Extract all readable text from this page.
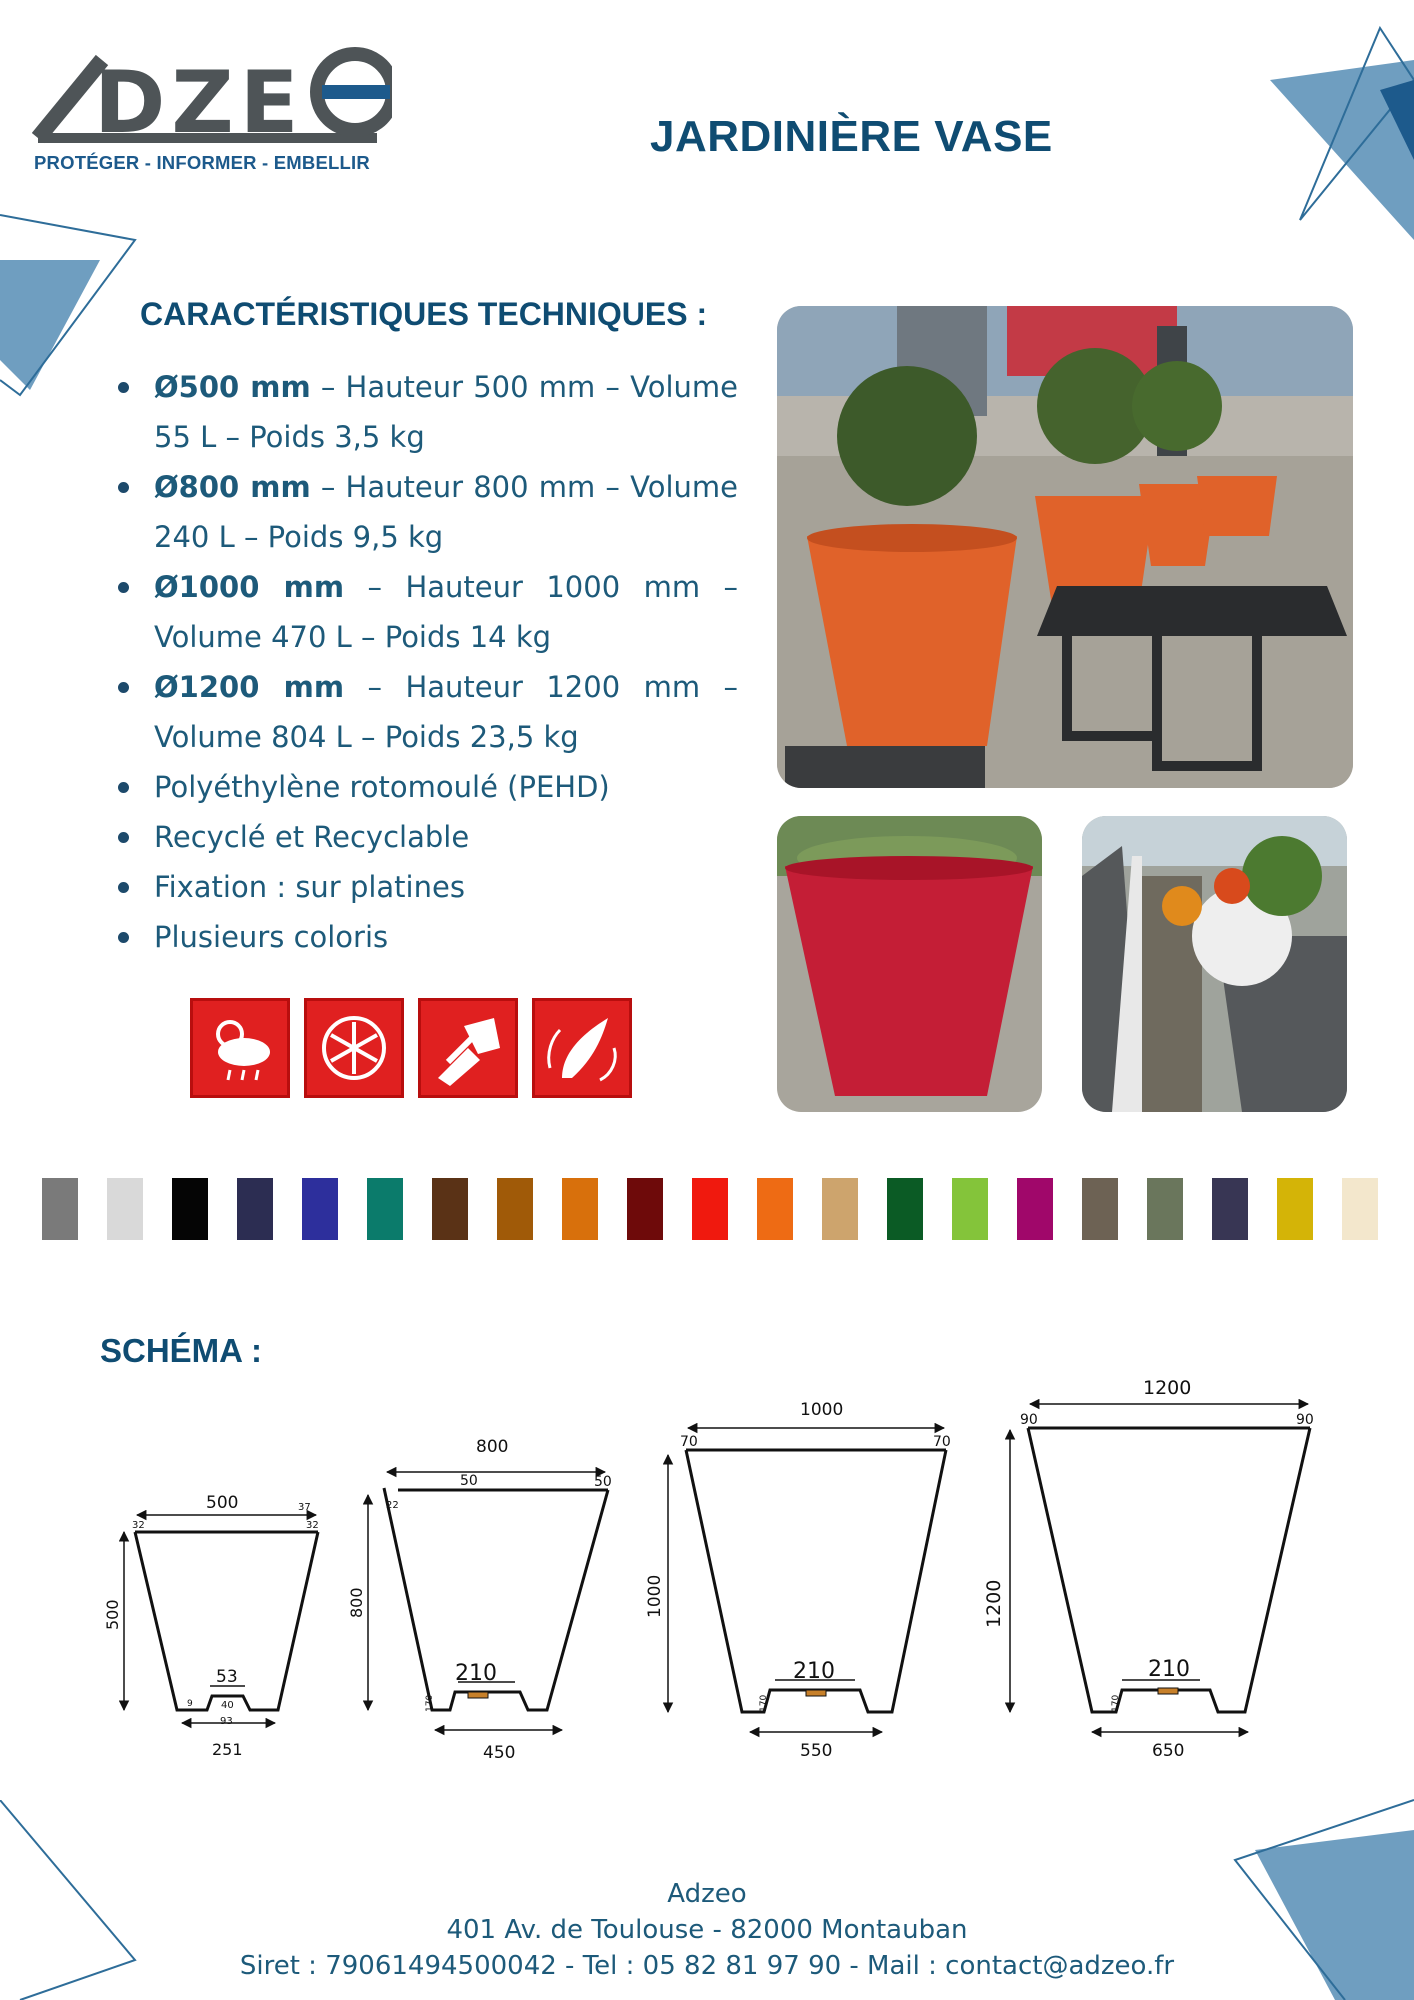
PROTÉGER - INFORMER - EMBELLIR
DZE	JARDINIÈRE VASE
CARACTÉRISTIQUES TECHNIQUES :
Ø500 mm – Hauteur 500 mm – Volume 55 L – Poids 3,5 kg
Ø800 mm – Hauteur 800 mm – Volume 240 L – Poids 9,5 kg
Ø1000 mm – Hauteur 1000 mm – Volume 470 L – Poids 14 kg
Ø1200 mm – Hauteur 1200 mm – Volume 804 L – Poids 23,5 kg
Polyéthylène rotomoulé (PEHD)
Recyclé et Recyclable
Fixation : sur platines
Plusieurs coloris
SCHÉMA :
500
32	32
37
500
53
40
9
93
251
800
50	50
22
800
210
170
450
1000
70	70
1000
210
170
550
1200
90	90
1200
210
170
650
Adzeo
401 Av. de Toulouse - 82000 Montauban
Siret : 79061494500042 - Tel : 05 82 81 97 90 - Mail : contact@adzeo.fr
